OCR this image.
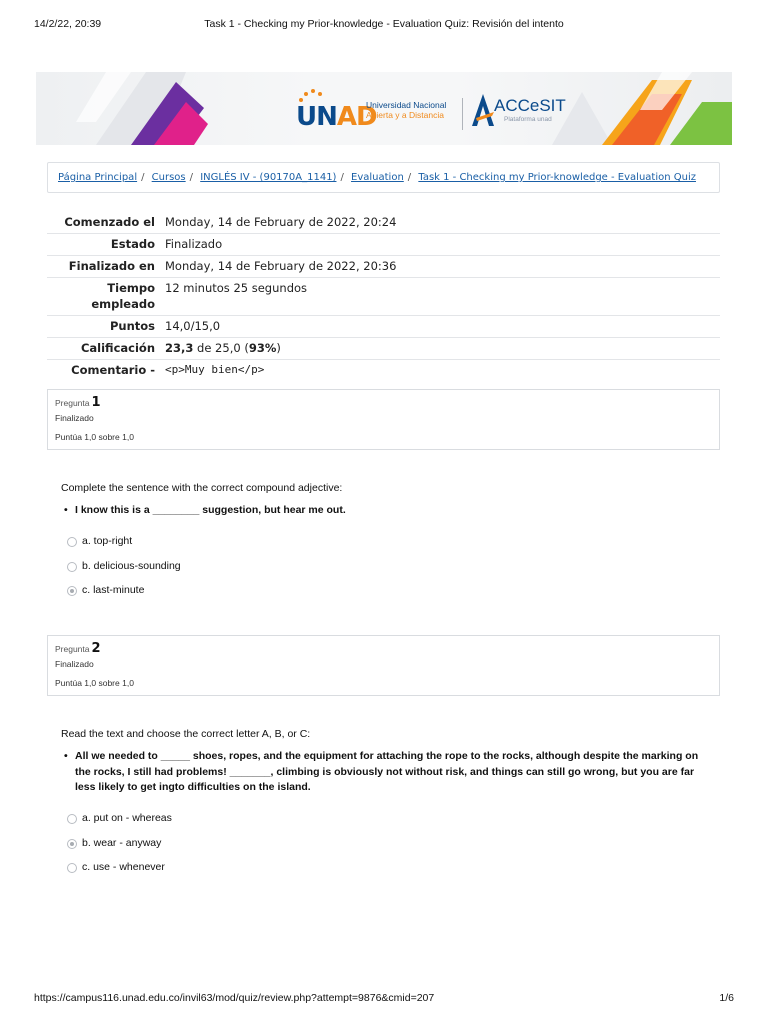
14/2/22, 20:39	Task 1 - Checking my Prior-knowledge - Evaluation Quiz: Revisión del intento
UNAD
Universidad Nacional
Abierta y a Distancia	ACCeSIT
Plataforma unad
Página Principal / Cursos / INGLÉS IV - (90170A_1141) / Evaluation / Task 1 - Checking my Prior-knowledge - Evaluation Quiz
Comenzado el	Monday, 14 de February de 2022, 20:24
Estado	Finalizado
Finalizado en	Monday, 14 de February de 2022, 20:36
Tiempo
empleado	12 minutos 25 segundos
Puntos	14,0/15,0
Calificación	23,3 de 25,0 (93%)
Comentario -	<p>Muy bien</p>
Pregunta 1
Finalizado
Puntúa 1,0 sobre 1,0
Complete the sentence with the correct compound adjective:
• I know this is a ________ suggestion, but hear me out.
a. top-right
b. delicious-sounding
c. last-minute
Pregunta 2
Finalizado
Puntúa 1,0 sobre 1,0
Read the text and choose the correct letter A, B, or C:
• All we needed to _____ shoes, ropes, and the equipment for attaching the rope to the rocks, although despite the marking on the rocks, I still had problems! _______, climbing is obviously not without risk, and things can still go wrong, but you are far less likely to get ingto difficulties on the island.
a. put on - whereas
b. wear - anyway
c. use - whenever
https://campus116.unad.edu.co/invil63/mod/quiz/review.php?attempt=9876&cmid=207	1/6
